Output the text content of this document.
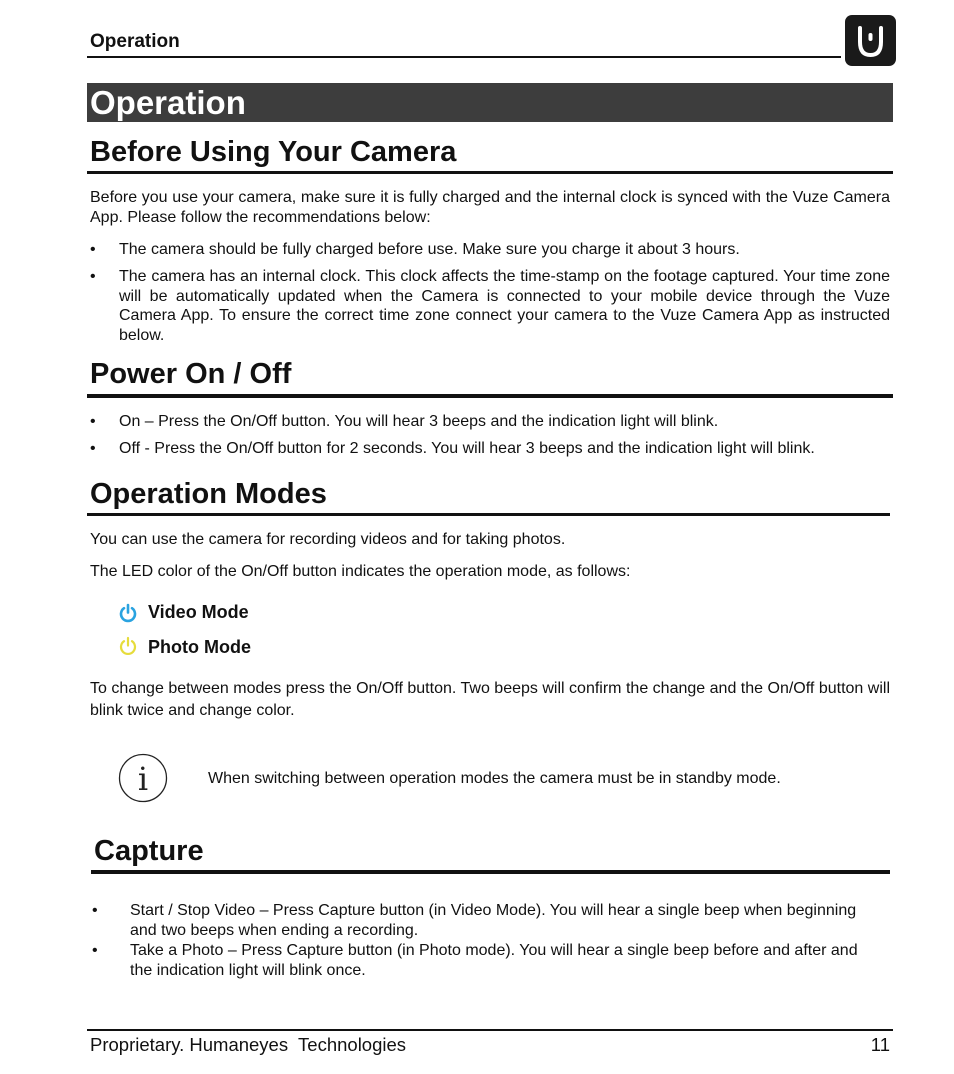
Operation
Operation
Before Using Your Camera
Before you use your camera, make sure it is fully charged and the internal clock is synced with the Vuze Camera App. Please follow the recommendations below:
• The camera should be fully charged before use. Make sure you charge it about 3 hours.
• The camera has an internal clock. This clock affects the time-stamp on the footage captured. Your time zone will be automatically updated when the Camera is connected to your mobile device through the Vuze Camera App. To ensure the correct time zone connect your camera to the Vuze Camera App as instructed below.
Power On / Off
• On – Press the On/Off button. You will hear 3 beeps and the indication light will blink.
• Off - Press the On/Off button for 2 seconds. You will hear 3 beeps and the indication light will blink.
Operation Modes
You can use the camera for recording videos and for taking photos.
The LED color of the On/Off button indicates the operation mode, as follows:
Video Mode
Photo Mode
To change between modes press the On/Off button. Two beeps will confirm the change and the On/Off button will blink twice and change color.
i	When switching between operation modes the camera must be in standby mode.
Capture
• Start / Stop Video – Press Capture button (in Video Mode). You will hear a single beep when beginning and two beeps when ending a recording.
• Take a Photo – Press Capture button (in Photo mode). You will hear a single beep before and after and the indication light will blink once.
Proprietary. Humaneyes  Technologies	11
